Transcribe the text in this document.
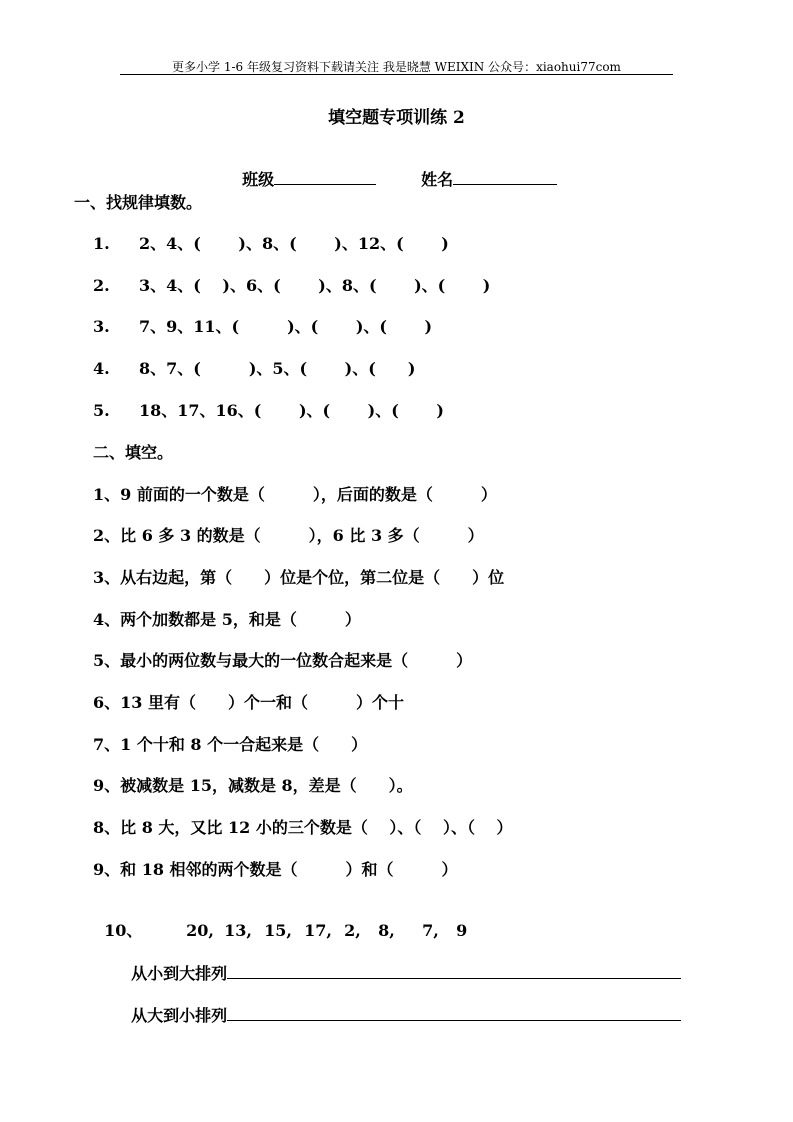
更多小学 1-6 年级复习资料下载请关注 我是晓慧 WEIXIN 公众号：xiaohui77com
填空题专项训练 2

班级	姓名

一、找规律填数。
1. 2、4、(　　 )、8、(　　 )、12、(　　 )
2. 3、4、(　 )、6、(　　 )、8、(　　 )、(　　 )
3. 7、9、11、(　　　)、(　　 )、(　　 )
4. 8、7、(　　　)、5、(　　 )、(　　)
5. 18、17、16、(　　 )、(　　 )、(　　 )
二、填空。
1、9 前面的一个数是（　　　），后面的数是（　　　）
2、比 6 多 3 的数是（　　　），6 比 3 多（　　　）
3、从右边起，第（　　）位是个位，第二位是（　　）位
4、两个加数都是 5，和是（　　　）
5、最小的两位数与最大的一位数合起来是（　　　）
6、13 里有（　　）个一和（　　　）个十
7、1 个十和 8 个一合起来是（　　）
9、被减数是 15，减数是 8，差是（　　）。
8、比 8 大，又比 12 小的三个数是（　 ）、（　 ）、（　 ）
9、和 18 相邻的两个数是（　　　）和（　　　）

10、	20, 13, 15, 17, 2, 8, 7, 9

从小到大排列

从大到小排列
